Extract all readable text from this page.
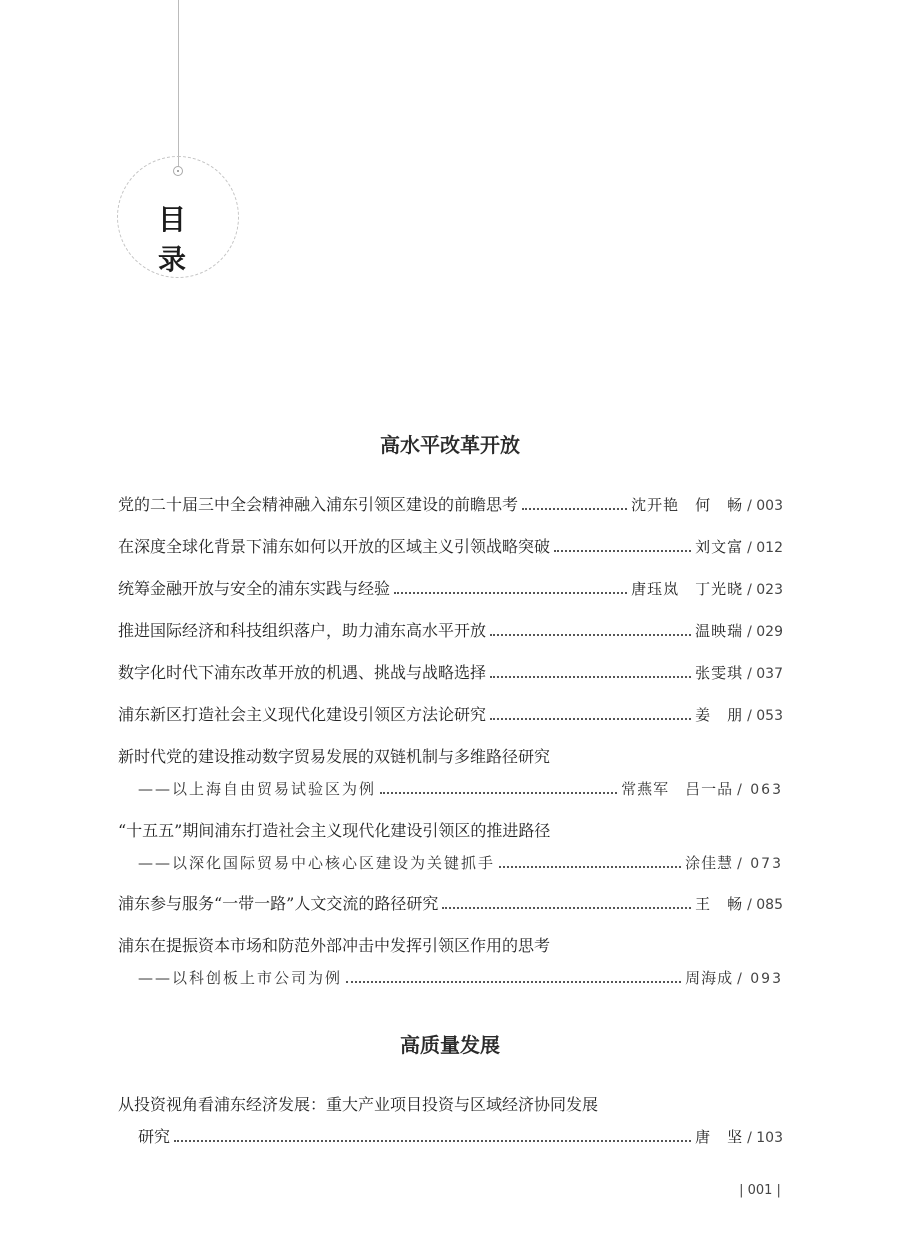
目录
高水平改革开放
党的二十届三中全会精神融入浦东引领区建设的前瞻思考	沈开艳　何　畅 / 003
在深度全球化背景下浦东如何以开放的区域主义引领战略突破	刘文富 / 012
统筹金融开放与安全的浦东实践与经验	唐珏岚　丁光晓 / 023
推进国际经济和科技组织落户，助力浦东高水平开放	温映瑞 / 029
数字化时代下浦东改革开放的机遇、挑战与战略选择	张雯琪 / 037
浦东新区打造社会主义现代化建设引领区方法论研究	姜　朋 / 053
新时代党的建设推动数字贸易发展的双链机制与多维路径研究
——以上海自由贸易试验区为例	常燕军　吕一品 / 063
“十五五”期间浦东打造社会主义现代化建设引领区的推进路径
——以深化国际贸易中心核心区建设为关键抓手	涂佳慧 / 073
浦东参与服务“一带一路”人文交流的路径研究	王　畅 / 085
浦东在提振资本市场和防范外部冲击中发挥引领区作用的思考
——以科创板上市公司为例	周海成 / 093
高质量发展
从投资视角看浦东经济发展：重大产业项目投资与区域经济协同发展
研究	唐　坚 / 103
| 001 |
